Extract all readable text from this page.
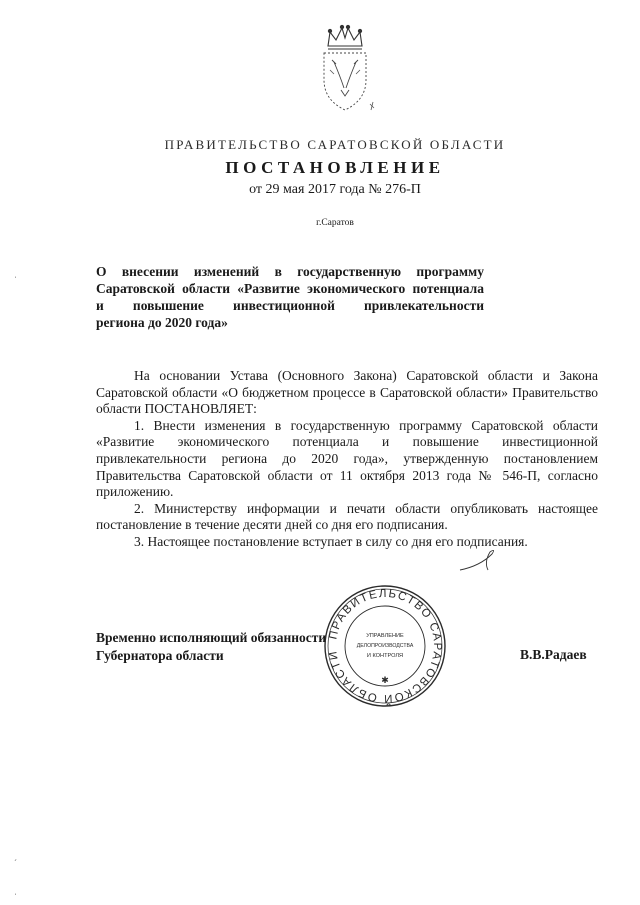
ПРАВИТЕЛЬСТВО САРАТОВСКОЙ ОБЛАСТИ
ПОСТАНОВЛЕНИЕ
от 29 мая 2017 года № 276-П
г.Саратов
О внесении изменений в государственную программу
Саратовской области «Развитие экономического потенциала
и повышение инвестиционной привлекательности
региона до 2020 года»

На основании Устава (Основного Закона) Саратовской области и Закона Саратовской области «О бюджетном процессе в Саратовской области» Правительство области ПОСТАНОВЛЯЕТ:

1. Внести изменения в государственную программу Саратовской области «Развитие экономического потенциала и повышение инвестиционной привлекательности региона до 2020 года», утвержденную постановлением Правительства Саратовской области от 11 октября 2013 года № 546-П, согласно приложению.

2. Министерству информации и печати области опубликовать настоящее постановление в течение десяти дней со дня его подписания.

3. Настоящее постановление вступает в силу со дня его подписания.

ПРАВИТЕЛЬСТВО САРАТОВСКОЙ ОБЛАСТИ
УПРАВЛЕНИЕ
ДЕЛОПРОИЗВОДСТВА
И КОНТРОЛЯ
✱
Временно исполняющий обязанности
Губернатора области	В.В.Радаев
ˌ
ˊ
ˌ
